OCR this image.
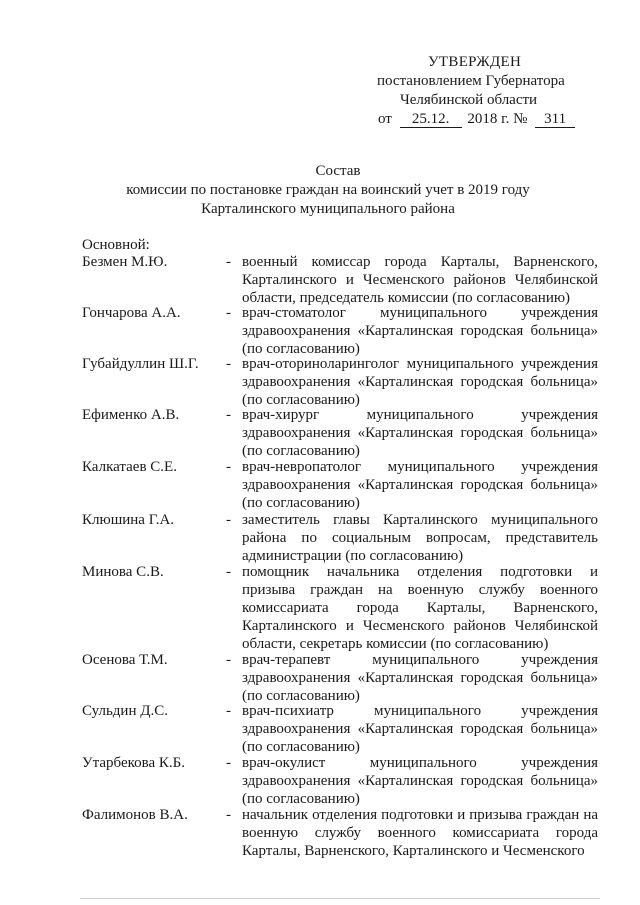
УТВЕРЖДЕН
постановлением Губернатора
Челябинской области
от 25.12. 2018 г. № 311
Состав
комиссии по постановке граждан на воинский учет в 2019 году
Карталинского муниципального района
Основной:
Безмен М.Ю.	- военный комиссар города Карталы, Варненского, Карталинского и Чесменского районов Челябинской области, председатель комиссии (по согласованию)
Гончарова А.А.	- врач-стоматолог муниципального учреждения здравоохранения «Карталинская городская больница» (по согласованию)
Губайдуллин Ш.Г. - врач-оториноларинголог муниципального учреждения здравоохранения «Карталинская городская больница» (по согласованию)
Ефименко А.В.	- врач-хирург муниципального учреждения здравоохранения «Карталинская городская больница» (по согласованию)
Калкатаев С.Е.	- врач-невропатолог муниципального учреждения здравоохранения «Карталинская городская больница» (по согласованию)
Клюшина Г.А.	- заместитель главы Карталинского муниципального района по социальным вопросам, представитель администрации (по согласованию)
Минова С.В.	- помощник начальника отделения подготовки и призыва граждан на военную службу военного комиссариата города Карталы, Варненского, Карталинского и Чесменского районов Челябинской области, секретарь комиссии (по согласованию)
Осенова Т.М.	- врач-терапевт муниципального учреждения здравоохранения «Карталинская городская больница» (по согласованию)
Сульдин Д.С.	- врач-психиатр муниципального учреждения здравоохранения «Карталинская городская больница» (по согласованию)
Утарбекова К.Б.	- врач-окулист муниципального учреждения здравоохранения «Карталинская городская больница» (по согласованию)
Фалимонов В.А.	- начальник отделения подготовки и призыва граждан на военную службу военного комиссариата города Карталы, Варненского, Карталинского и Чесменского
